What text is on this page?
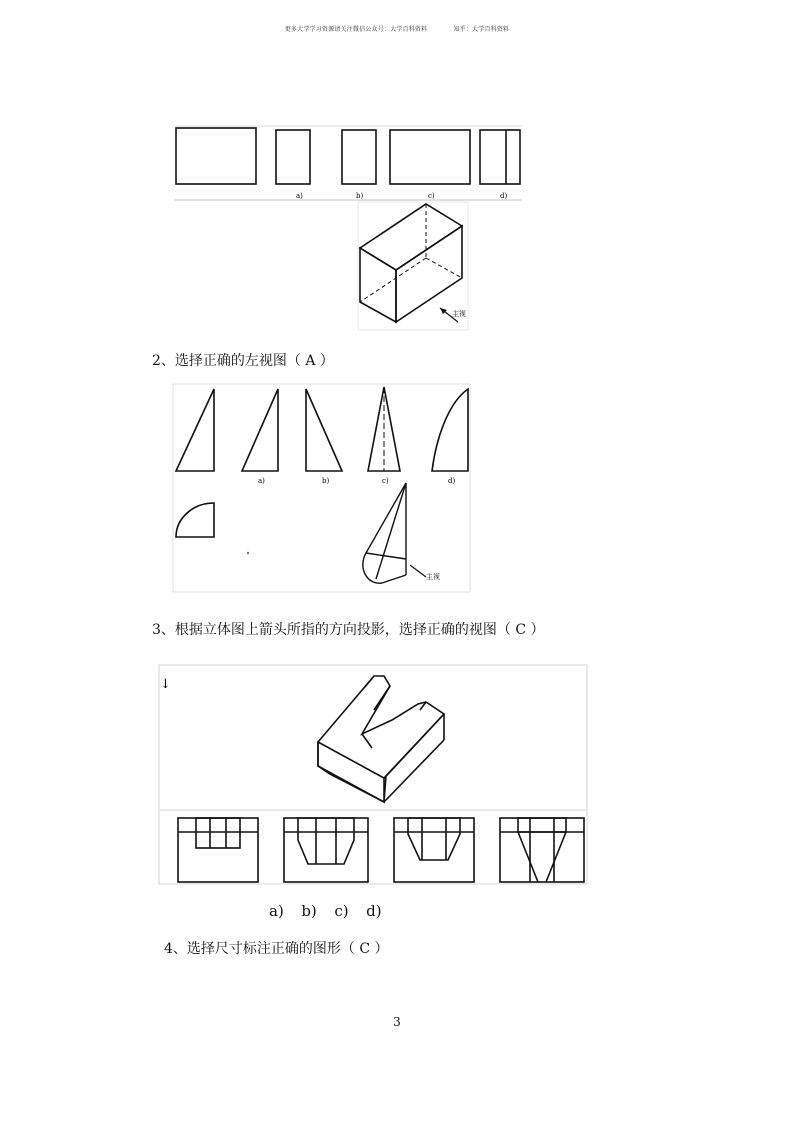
更多大学学习资源请关注微信公众号：大学百科资料	知乎：大学百科资料
a)	b)	c)	d)
主视
2、选择正确的左视图（ A ）
a)	b)	c)	d)
主视
3、根据立体图上箭头所指的方向投影，选择正确的视图（ C ）
↓
a)  b)  c)  d)
4、选择尺寸标注正确的图形（ C ）
3
